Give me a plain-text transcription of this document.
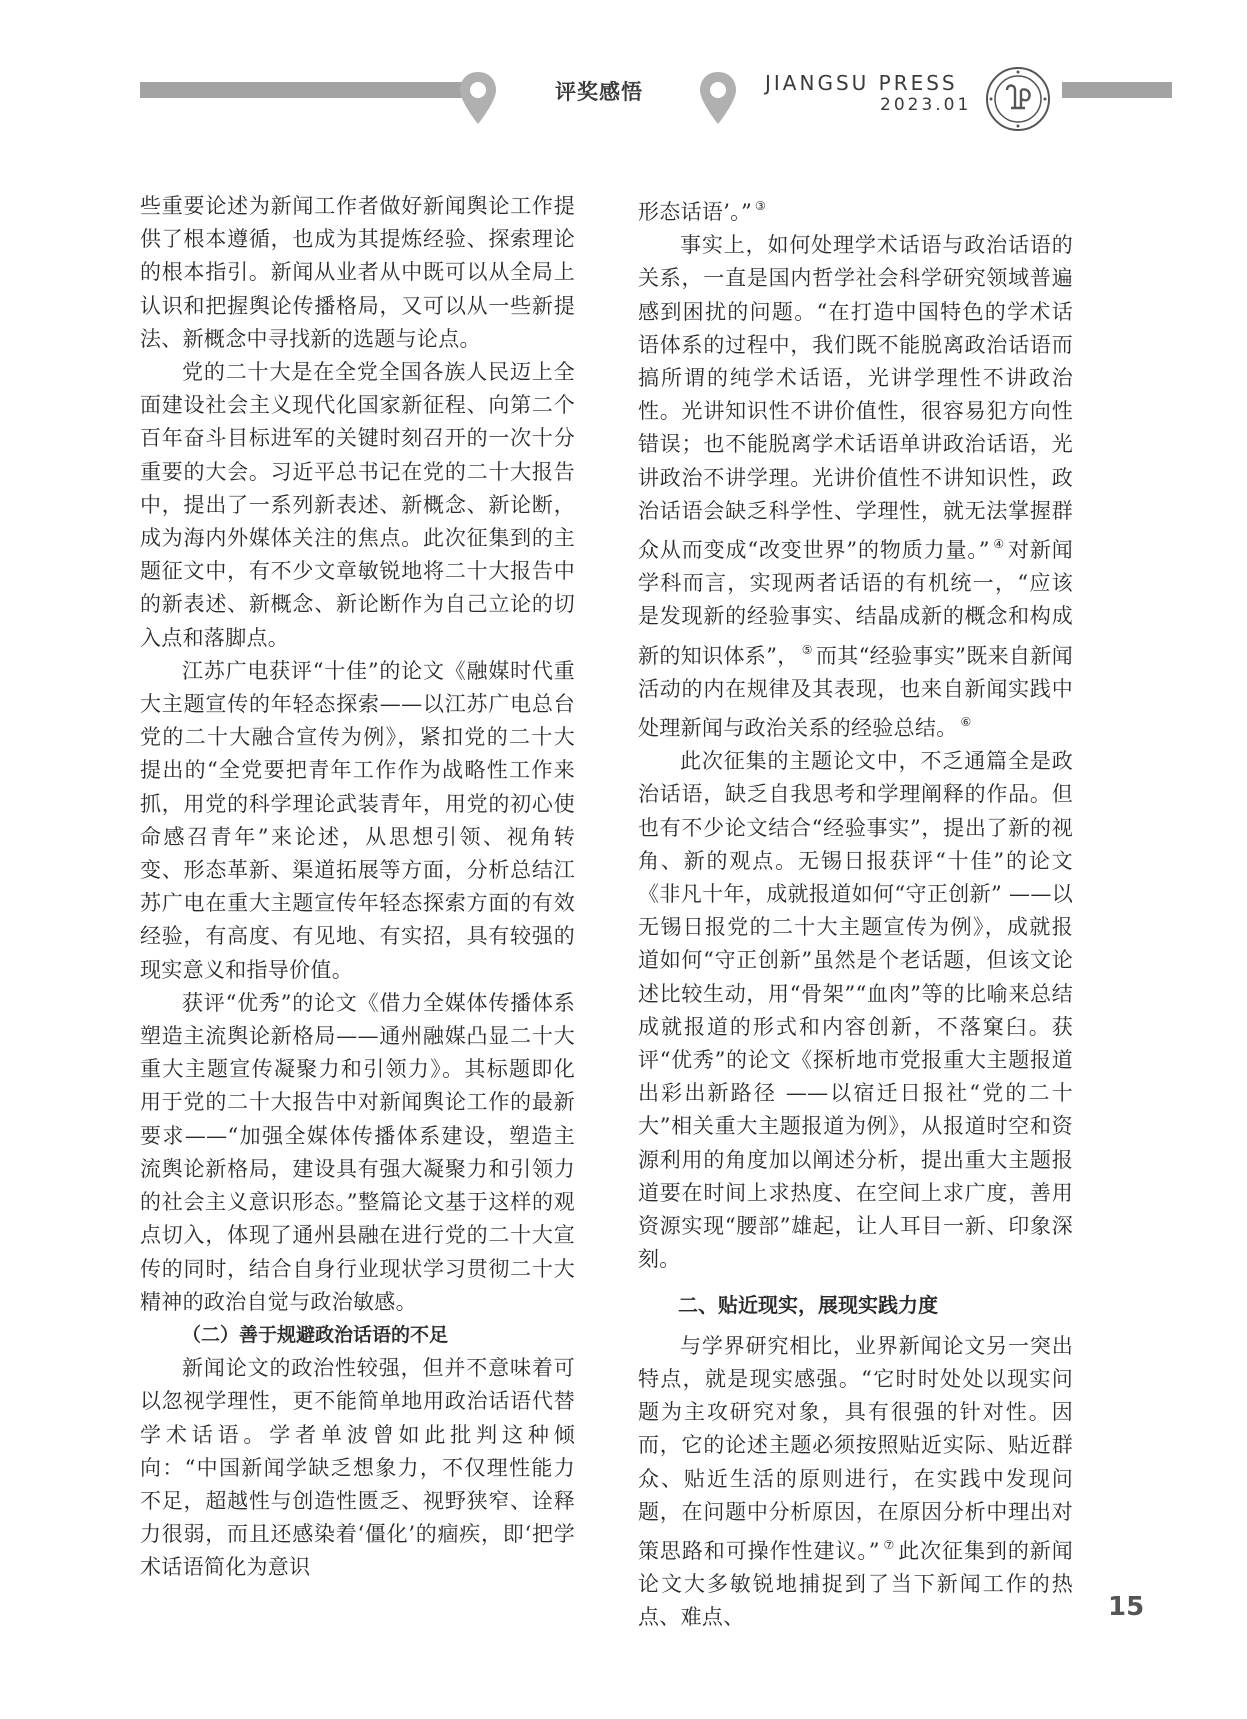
评奖感悟	JIANGSU PRESS
2023.01

些重要论述为新闻工作者做好新闻舆论工作提供了根本遵循，也成为其提炼经验、探索理论的根本指引。新闻从业者从中既可以从全局上认识和把握舆论传播格局，又可以从一些新提法、新概念中寻找新的选题与论点。

党的二十大是在全党全国各族人民迈上全面建设社会主义现代化国家新征程、向第二个百年奋斗目标进军的关键时刻召开的一次十分重要的大会。习近平总书记在党的二十大报告中，提出了一系列新表述、新概念、新论断，成为海内外媒体关注的焦点。此次征集到的主题征文中，有不少文章敏锐地将二十大报告中的新表述、新概念、新论断作为自己立论的切入点和落脚点。

江苏广电获评“十佳”的论文《融媒时代重大主题宣传的年轻态探索——以江苏广电总台党的二十大融合宣传为例》，紧扣党的二十大提出的“全党要把青年工作作为战略性工作来抓，用党的科学理论武装青年，用党的初心使命感召青年”来论述，从思想引领、视角转变、形态革新、渠道拓展等方面，分析总结江苏广电在重大主题宣传年轻态探索方面的有效经验，有高度、有见地、有实招，具有较强的现实意义和指导价值。

获评“优秀”的论文《借力全媒体传播体系 塑造主流舆论新格局——通州融媒凸显二十大重大主题宣传凝聚力和引领力》。其标题即化用于党的二十大报告中对新闻舆论工作的最新要求——“加强全媒体传播体系建设，塑造主流舆论新格局，建设具有强大凝聚力和引领力的社会主义意识形态。”整篇论文基于这样的观点切入，体现了通州县融在进行党的二十大宣传的同时，结合自身行业现状学习贯彻二十大精神的政治自觉与政治敏感。

（二）善于规避政治话语的不足

新闻论文的政治性较强，但并不意味着可以忽视学理性，更不能简单地用政治话语代替学术话语。学者单波曾如此批判这种倾向：“中国新闻学缺乏想象力，不仅理性能力不足，超越性与创造性匮乏、视野狭窄、诠释力很弱，而且还感染着‘僵化’的痼疾，即‘把学术话语简化为意识

形态话语’。” ③

事实上，如何处理学术话语与政治话语的关系，一直是国内哲学社会科学研究领域普遍感到困扰的问题。“在打造中国特色的学术话语体系的过程中，我们既不能脱离政治话语而搞所谓的纯学术话语，光讲学理性不讲政治性。光讲知识性不讲价值性，很容易犯方向性错误；也不能脱离学术话语单讲政治话语，光讲政治不讲学理。光讲价值性不讲知识性，政治话语会缺乏科学性、学理性，就无法掌握群众从而变成“改变世界”的物质力量。” ④ 对新闻学科而言，实现两者话语的有机统一，“应该是发现新的经验事实、结晶成新的概念和构成新的知识体系”， ⑤ 而其“经验事实”既来自新闻活动的内在规律及其表现，也来自新闻实践中处理新闻与政治关系的经验总结。 ⑥

此次征集的主题论文中，不乏通篇全是政治话语，缺乏自我思考和学理阐释的作品。但也有不少论文结合“经验事实”，提出了新的视角、新的观点。无锡日报获评“十佳”的论文《非凡十年，成就报道如何“守正创新” ——以无锡日报党的二十大主题宣传为例》，成就报道如何“守正创新”虽然是个老话题，但该文论述比较生动，用“骨架”“血肉”等的比喻来总结成就报道的形式和内容创新，不落窠臼。获评“优秀”的论文《探析地市党报重大主题报道出彩出新路径 ——以宿迁日报社“党的二十大”相关重大主题报道为例》，从报道时空和资源利用的角度加以阐述分析，提出重大主题报道要在时间上求热度、在空间上求广度，善用资源实现“腰部”雄起，让人耳目一新、印象深刻。

二、贴近现实，展现实践力度

与学界研究相比，业界新闻论文另一突出特点，就是现实感强。“它时时处处以现实问题为主攻研究对象，具有很强的针对性。因而，它的论述主题必须按照贴近实际、贴近群众、贴近生活的原则进行，在实践中发现问题，在问题中分析原因，在原因分析中理出对策思路和可操作性建议。” ⑦ 此次征集到的新闻论文大多敏锐地捕捉到了当下新闻工作的热点、难点、	15
